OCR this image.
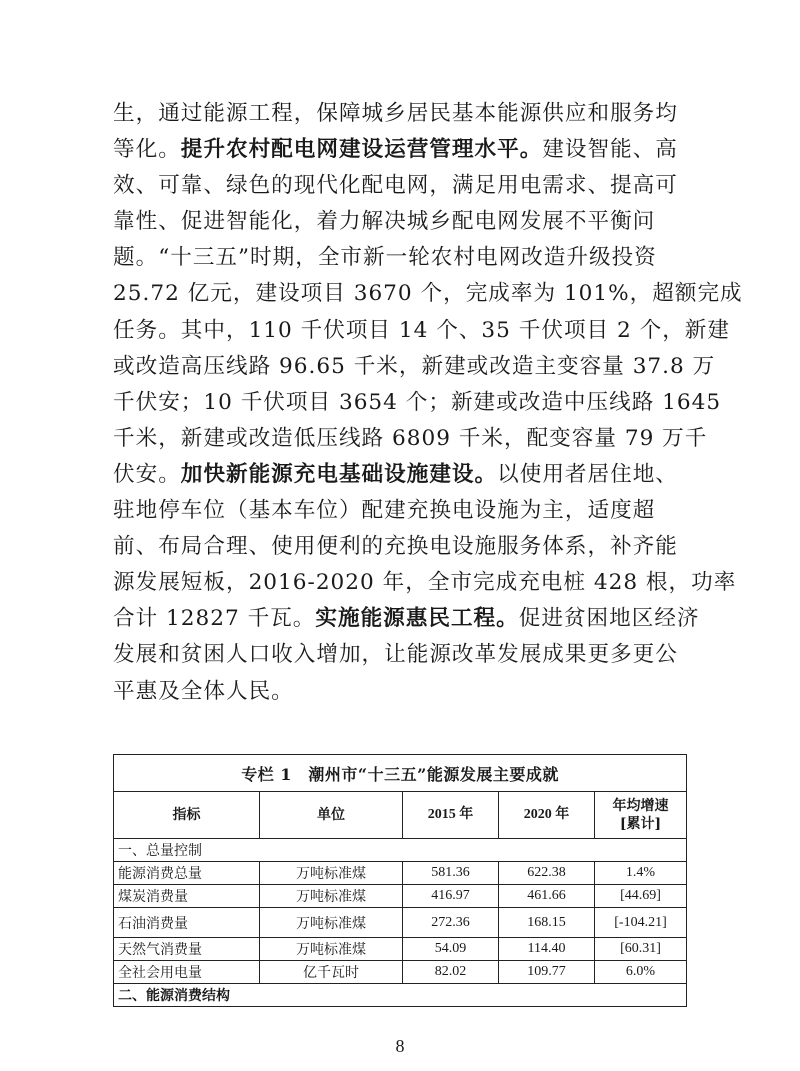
生，通过能源工程，保障城乡居民基本能源供应和服务均
等化。提升农村配电网建设运营管理水平。建设智能、高
效、可靠、绿色的现代化配电网，满足用电需求、提高可
靠性、促进智能化，着力解决城乡配电网发展不平衡问
题。“十三五”时期，全市新一轮农村电网改造升级投资
25.72 亿元，建设项目 3670 个，完成率为 101%，超额完成
任务。其中，110 千伏项目 14 个、35 千伏项目 2 个，新建
或改造高压线路 96.65 千米，新建或改造主变容量 37.8 万
千伏安；10 千伏项目 3654 个；新建或改造中压线路 1645
千米，新建或改造低压线路 6809 千米，配变容量 79 万千
伏安。加快新能源充电基础设施建设。以使用者居住地、
驻地停车位（基本车位）配建充换电设施为主，适度超
前、布局合理、使用便利的充换电设施服务体系，补齐能
源发展短板，2016-2020 年，全市完成充电桩 428 根，功率
合计 12827 千瓦。实施能源惠民工程。促进贫困地区经济
发展和贫困人口收入增加，让能源改革发展成果更多更公
平惠及全体人民。
专栏 1　潮州市“十三五”能源发展主要成就				
指标	单位	2015 年	2020 年	年均增速
[累计]
一、总量控制				
能源消费总量	万吨标准煤	581.36	622.38	1.4%
煤炭消费量	万吨标准煤	416.97	461.66	[44.69]
石油消费量	万吨标准煤	272.36	168.15	[-104.21]
天然气消费量	万吨标准煤	54.09	114.40	[60.31]
全社会用电量	亿千瓦时	82.02	109.77	6.0%
二、能源消费结构				
8
